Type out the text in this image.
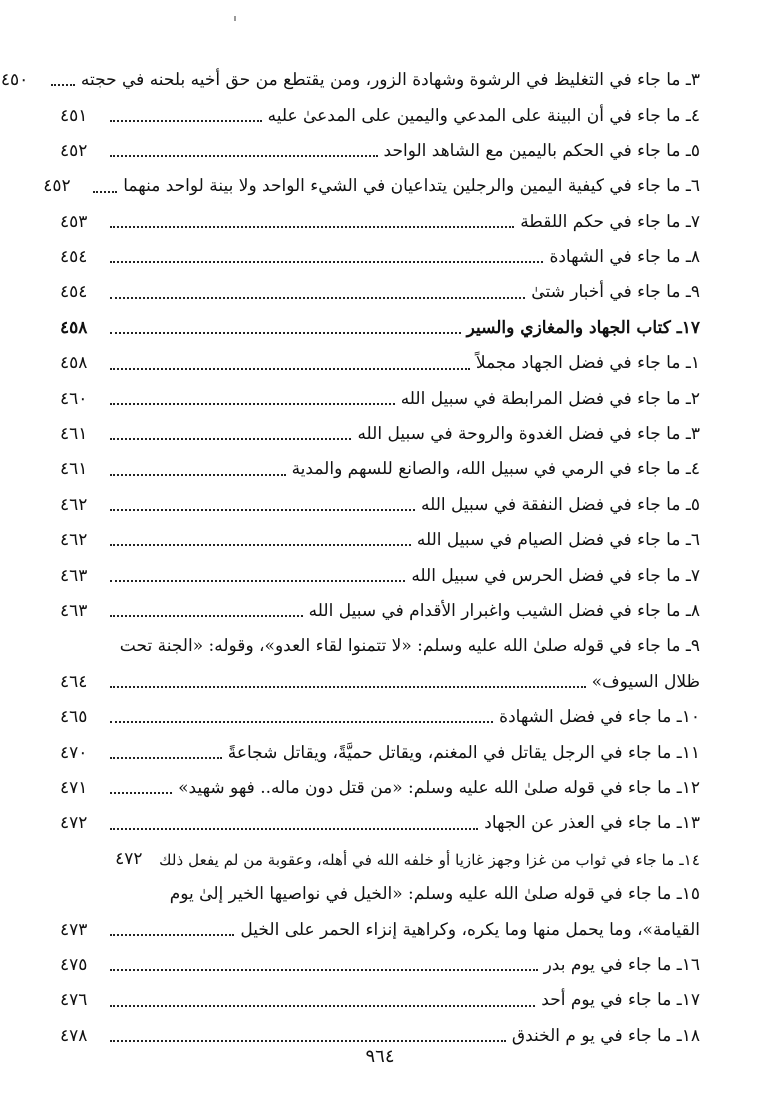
٣ـ ما جاء في التغليظ في الرشوة وشهادة الزور، ومن يقتطع من حق أخيه بلحنه في حجته
٤٥٠
٤ـ ما جاء في أن البينة على المدعي واليمين على المدعىٰ عليه
٤٥١
٥ـ ما جاء في الحكم باليمين مع الشاهد الواحد
٤٥٢
٦ـ ما جاء في كيفية اليمين والرجلين يتداعيان في الشيء الواحد ولا بينة لواحد منهما
٤٥٢
٧ـ ما جاء في حكم اللقطة
٤٥٣
٨ـ ما جاء في الشهادة
٤٥٤
٩ـ ما جاء في أخبار شتىٰ
٤٥٤
١٧ـ كتاب الجهاد والمغازي والسير
٤٥٨
١ـ ما جاء في فضل الجهاد مجملاً
٤٥٨
٢ـ ما جاء في فضل المرابطة في سبيل الله
٤٦٠
٣ـ ما جاء في فضل الغدوة والروحة في سبيل الله
٤٦١
٤ـ ما جاء في الرمي في سبيل الله، والصانع للسهم والمدية
٤٦١
٥ـ ما جاء في فضل النفقة في سبيل الله
٤٦٢
٦ـ ما جاء في فضل الصيام في سبيل الله
٤٦٢
٧ـ ما جاء في فضل الحرس في سبيل الله
٤٦٣
٨ـ ما جاء في فضل الشيب واغبرار الأقدام في سبيل الله
٤٦٣
٩ـ ما جاء في قوله صلىٰ الله عليه وسلم: «لا تتمنوا لقاء العدو»، وقوله: «الجنة تحت
ظلال السيوف»
٤٦٤
١٠ـ ما جاء في فضل الشهادة
٤٦٥
١١ـ ما جاء في الرجل يقاتل في المغنم، ويقاتل حميَّةً، ويقاتل شجاعةً
٤٧٠
١٢ـ ما جاء في قوله صلىٰ الله عليه وسلم: «من قتل دون ماله.. فهو شهيد»
٤٧١
١٣ـ ما جاء في العذر عن الجهاد
٤٧٢
١٤ـ ما جاء في ثواب من غزا وجهز غازيا أو خلفه الله في أهله، وعقوبة من لم يفعل ذلك
٤٧٢
١٥ـ ما جاء في قوله صلىٰ الله عليه وسلم: «الخيل في نواصيها الخير إلىٰ يوم
القيامة»، وما يحمل منها وما يكره، وكراهية إنزاء الحمر على الخيل
٤٧٣
١٦ـ ما جاء في يوم بدر
٤٧٥
١٧ـ ما جاء في يوم أحد
٤٧٦
١٨ـ ما جاء في يو م الخندق
٤٧٨
٩٦٤
